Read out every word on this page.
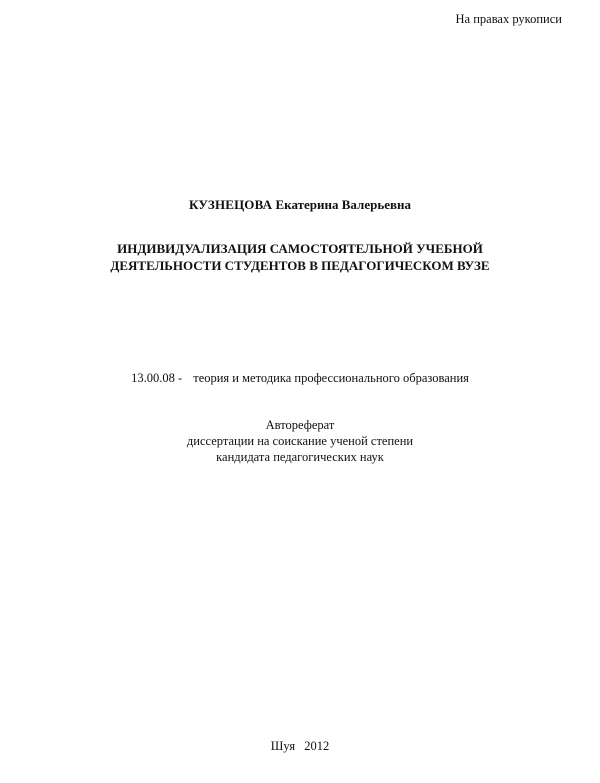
На правах рукописи
КУЗНЕЦОВА Екатерина Валерьевна
ИНДИВИДУАЛИЗАЦИЯ САМОСТОЯТЕЛЬНОЙ УЧЕБНОЙ
ДЕЯТЕЛЬНОСТИ СТУДЕНТОВ В ПЕДАГОГИЧЕСКОМ ВУЗЕ
13.00.08 - теория и методика профессионального образования
Автореферат
диссертации на соискание ученой степени
кандидата педагогических наук
Шуя 2012
